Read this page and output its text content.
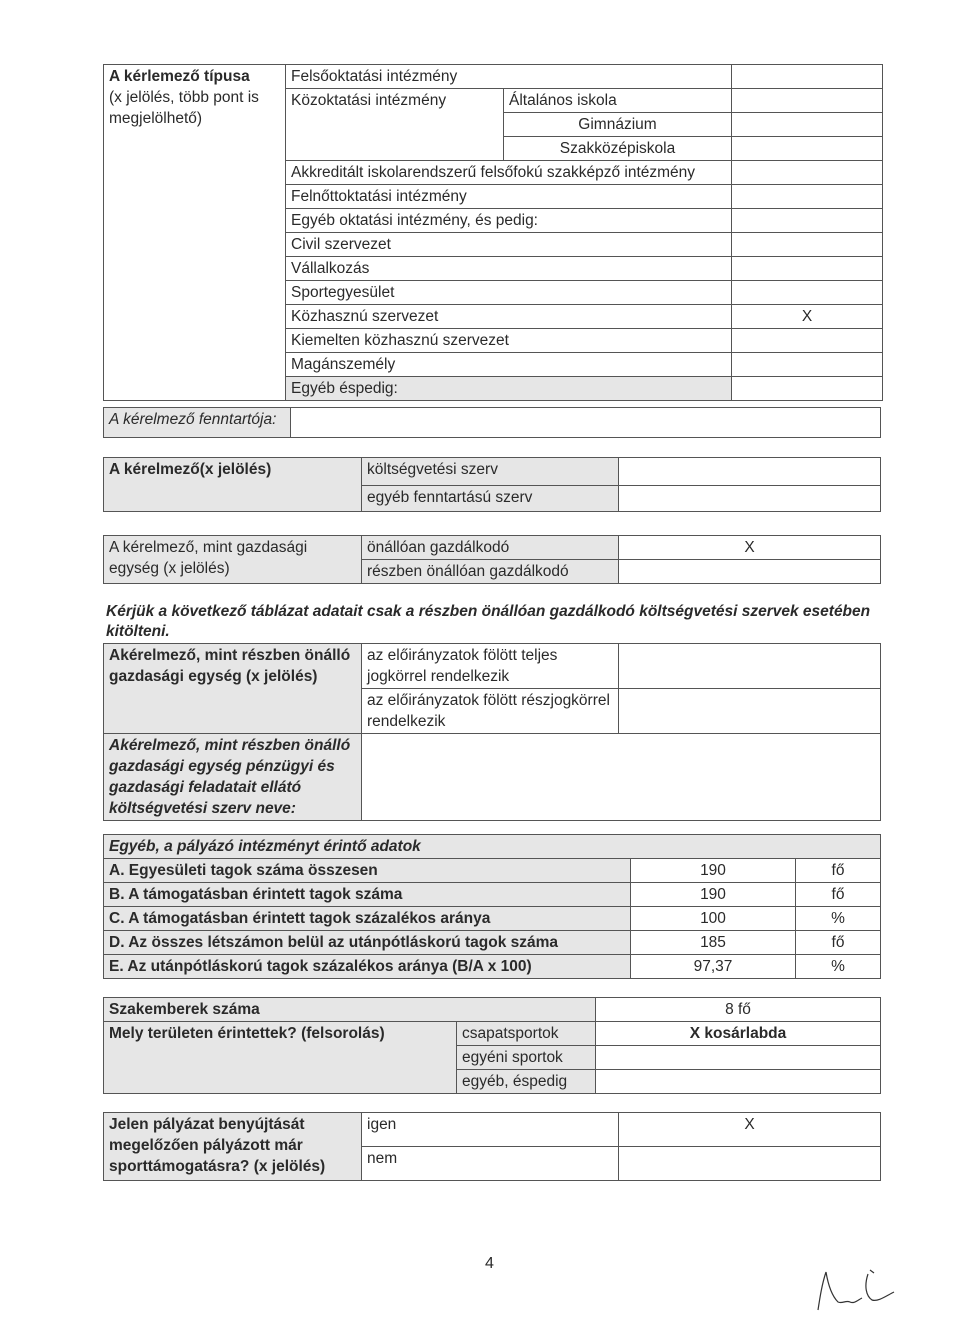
A kérlemező típusa
(x jelölés, több pont is megjelölhető)	Felsőoktatási intézmény		
	Közoktatási intézmény	Általános iskola	
		Gimnázium	
		Szakközépiskola	
	Akkreditált iskolarendszerű felsőfokú szakképző intézmény		
	Felnőttoktatási intézmény		
	Egyéb oktatási intézmény, és pedig:		
	Civil szervezet		
	Vállalkozás		
	Sportegyesület		
	Közhasznú szervezet		X
	Kiemelten közhasznú szervezet		
	Magánszemély		
	Egyéb éspedig:		
A kérelmező fenntartója:	
A kérelmező(x jelölés)	költségvetési szerv	
	egyéb fenntartású szerv	
A kérelmező, mint gazdasági egység (x jelölés)	önállóan gazdálkodó	X
	részben önállóan gazdálkodó	
Kérjük a következő táblázat adatait csak a részben önállóan gazdálkodó költségvetési szervek esetében kitölteni.
Akérelmező, mint részben önálló gazdasági egység (x jelölés)	az előirányzatok fölött teljes jogkörrel rendelkezik	
	az előirányzatok fölött részjogkörrel rendelkezik	
Akérelmező, mint részben önálló gazdasági egység pénzügyi és gazdasági feladatait ellátó költségvetési szerv neve:		
Egyéb, a pályázó intézményt érintő adatok		
A. Egyesületi tagok száma összesen	190	fő
B. A támogatásban érintett tagok száma	190	fő
C. A támogatásban érintett tagok százalékos aránya	100	%
D. Az összes létszámon belül az utánpótláskorú tagok száma	185	fő
E. Az utánpótláskorú tagok százalékos aránya (B/A x 100)	97,37	%
Szakemberek száma		8 fő
Mely területen érintettek? (felsorolás)	csapatsportok	X kosárlabda
	egyéni sportok	
	egyéb, éspedig	
Jelen pályázat benyújtását megelőzően pályázott már sporttámogatásra? (x jelölés)	igen	X
	nem	
4
